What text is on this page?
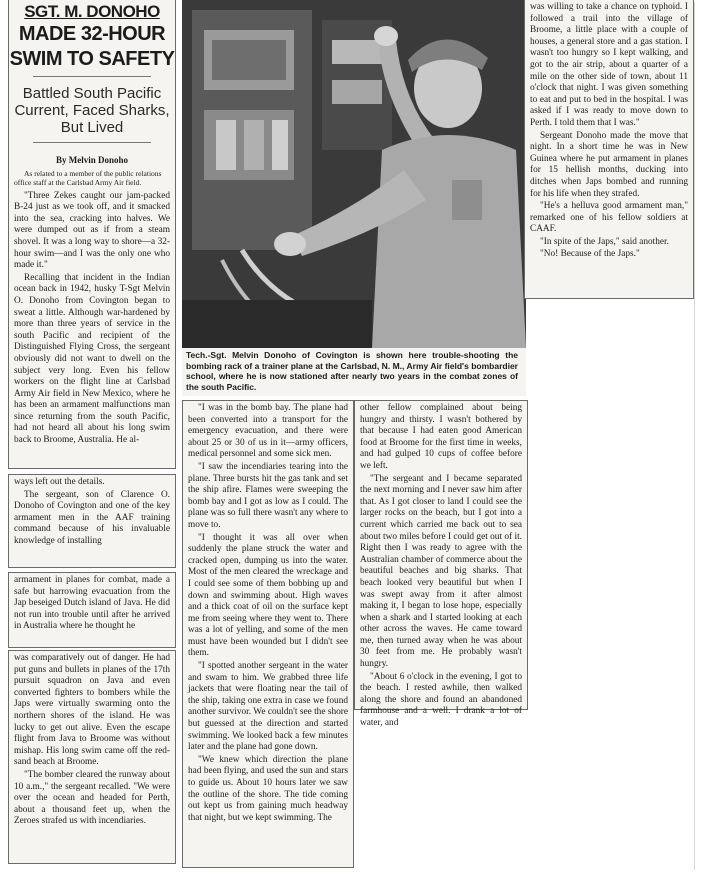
SGT. M. DONOHO
MADE 32-HOUR
SWIM TO SAFETY
Battled South Pacific Current, Faced Sharks, But Lived
By Melvin Donoho
As related to a member of the public relations office staff at the Carlsbad Army Air field.

"Three Zekes caught our jam-packed B-24 just as we took off, and it smacked into the sea, cracking into halves. We were dumped out as if from a steam shovel. It was a long way to shore—a 32-hour swim—and I was the only one who made it."

Recalling that incident in the Indian ocean back in 1942, husky T-Sgt Melvin O. Donoho from Covington began to sweat a little. Although war-hardened by more than three years of service in the south Pacific and recipient of the Distinguished Flying Cross, the sergeant obviously did not want to dwell on the subject very long. Even his fellow workers on the flight line at Carlsbad Army Air field in New Mexico, where he has been an armament malfunctions man since returning from the south Pacific, had not heard all about his long swim back to Broome, Australia. He al-

ways left out the details.

The sergeant, son of Clarence O. Donoho of Covington and one of the key armament men in the AAF training command because of his invaluable knowledge of installing

armament in planes for combat, made a safe but harrowing evacuation from the Jap beseiged Dutch island of Java. He did not run into trouble until after he arrived in Australia where he thought he

was comparatively out of danger. He had put guns and bullets in planes of the 17th pursuit squadron on Java and even converted fighters to bombers while the Japs were virtually swarming onto the northern shores of the island. He was lucky to get out alive. Even the escape flight from Java to Broome was without mishap. His long swim came off the red-sand beach at Broome.

"The bomber cleared the runway about 10 a.m.," the sergeant recalled. "We were over the ocean and headed for Perth, about a thousand feet up, when the Zeroes strafed us with incendiaries.

Tech.-Sgt. Melvin Donoho of Covington is shown here trouble-shooting the bombing rack of a trainer plane at the Carlsbad, N. M., Army Air field's bombardier school, where he is now stationed after nearly two years in the combat zones of the south Pacific.

"I was in the bomb bay. The plane had been converted into a transport for the emergency evacuation, and there were about 25 or 30 of us in it—army officers, medical personnel and some sick men.

"I saw the incendiaries tearing into the plane. Three bursts hit the gas tank and set the ship afire. Flames were sweeping the bomb bay and I got as low as I could. The plane was so full there wasn't any where to move to.

"I thought it was all over when suddenly the plane struck the water and cracked open, dumping us into the water. Most of the men cleared the wreckage and I could see some of them bobbing up and down and swimming about. High waves and a thick coat of oil on the surface kept me from seeing where they went to. There was a lot of yelling, and some of the men must have been wounded but I didn't see them.

"I spotted another sergeant in the water and swam to him. We grabbed three life jackets that were floating near the tail of the ship, taking one extra in case we found another survivor. We couldn't see the shore but guessed at the direction and started swimming. We looked back a few minutes later and the plane had gone down.

"We knew which direction the plane had been flying, and used the sun and stars to guide us. About 10 hours later we saw the outline of the shore. The tide coming out kept us from gaining much headway that night, but we kept swimming. The

other fellow complained about being hungry and thirsty. I wasn't bothered by that because I had eaten good American food at Broome for the first time in weeks, and had gulped 10 cups of coffee before we left.

"The sergeant and I became separated the next morning and I never saw him after that. As I got closer to land I could see the larger rocks on the beach, but I got into a current which carried me back out to sea about two miles before I could get out of it. Right then I was ready to agree with the Australian chamber of commerce about the beautiful beaches and big sharks. That beach looked very beautiful but when I was swept away from it after almost making it, I began to lose hope, especially when a shark and I started looking at each other across the waves. He came toward me, then turned away when he was about 30 feet from me. He probably wasn't hungry.

"About 6 o'clock in the evening, I got to the beach. I rested awhile, then walked along the shore and found an abandoned farmhouse and a well. I drank a lot of water, and

was willing to take a chance on typhoid. I followed a trail into the village of Broome, a little place with a couple of houses, a general store and a gas station. I wasn't too hungry so I kept walking, and got to the air strip, about a quarter of a mile on the other side of town, about 11 o'clock that night. I was given something to eat and put to bed in the hospital. I was asked if I was ready to move down to Perth. I told them that I was."

Sergeant Donoho made the move that night. In a short time he was in New Guinea where he put armament in planes for 15 hellish months, ducking into ditches when Japs bombed and running for his life when they strafed.

"He's a helluva good armament man," remarked one of his fellow soldiers at CAAF.

"In spite of the Japs," said another.

"No! Because of the Japs."
